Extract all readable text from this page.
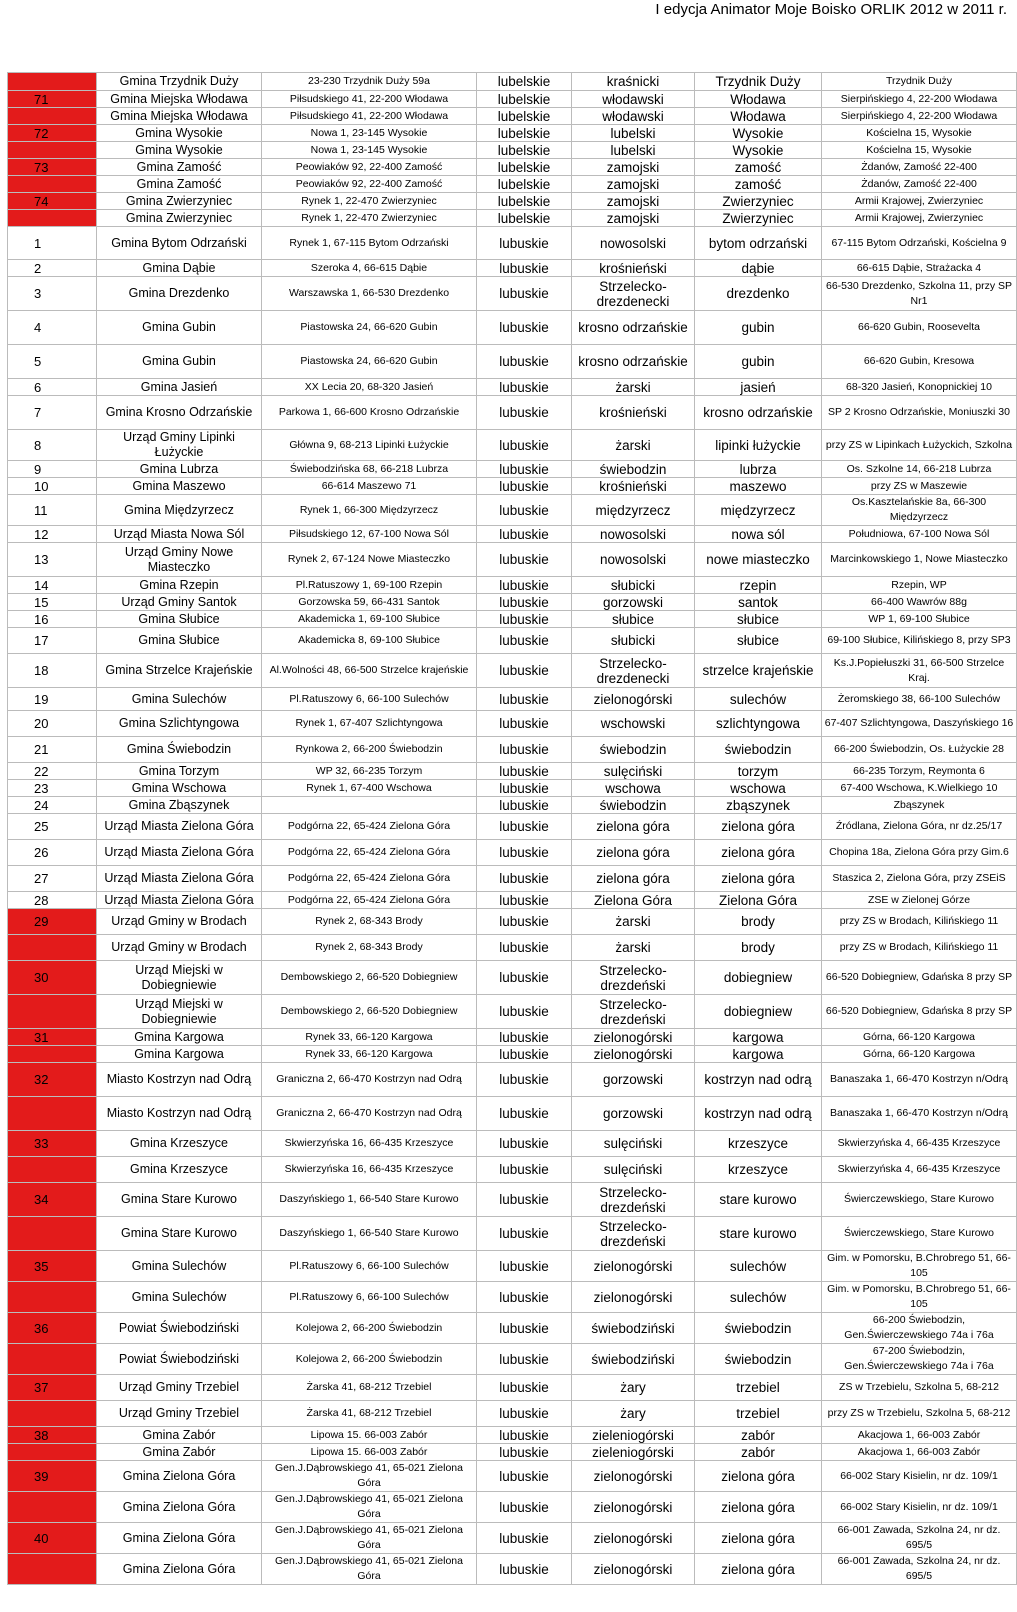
I edycja Animator Moje Boisko ORLIK 2012 w 2011 r.
	Gmina Trzydnik Duży	23-230 Trzydnik Duży 59a	lubelskie	kraśnicki	Trzydnik Duży	Trzydnik Duży
71	Gmina Miejska Włodawa	Piłsudskiego 41, 22-200 Włodawa	lubelskie	włodawski	Włodawa	Sierpińskiego 4, 22-200 Włodawa
	Gmina Miejska Włodawa	Piłsudskiego 41, 22-200 Włodawa	lubelskie	włodawski	Włodawa	Sierpińskiego 4, 22-200 Włodawa
72	Gmina Wysokie	Nowa 1, 23-145 Wysokie	lubelskie	lubelski	Wysokie	Kościelna 15, Wysokie
	Gmina Wysokie	Nowa 1, 23-145 Wysokie	lubelskie	lubelski	Wysokie	Kościelna 15, Wysokie
73	Gmina Zamość	Peowiaków 92, 22-400 Zamość	lubelskie	zamojski	zamość	Żdanów, Zamość 22-400
	Gmina Zamość	Peowiaków 92, 22-400 Zamość	lubelskie	zamojski	zamość	Żdanów, Zamość 22-400
74	Gmina Zwierzyniec	Rynek 1, 22-470 Zwierzyniec	lubelskie	zamojski	Zwierzyniec	Armii Krajowej, Zwierzyniec
	Gmina Zwierzyniec	Rynek 1, 22-470 Zwierzyniec	lubelskie	zamojski	Zwierzyniec	Armii Krajowej, Zwierzyniec
1	Gmina Bytom Odrzański	Rynek 1, 67-115 Bytom Odrzański	lubuskie	nowosolski	bytom odrzański	67-115 Bytom Odrzański, Kościelna 9
2	Gmina Dąbie	Szeroka 4, 66-615 Dąbie	lubuskie	krośnieński	dąbie	66-615 Dąbie, Strażacka 4
3	Gmina Drezdenko	Warszawska 1, 66-530 Drezdenko	lubuskie	Strzelecko-drezdenecki	drezdenko	66-530 Drezdenko, Szkolna 11, przy SP Nr1
4	Gmina Gubin	Piastowska 24, 66-620 Gubin	lubuskie	krosno odrzańskie	gubin	66-620 Gubin, Roosevelta
5	Gmina Gubin	Piastowska 24, 66-620 Gubin	lubuskie	krosno odrzańskie	gubin	66-620 Gubin, Kresowa
6	Gmina Jasień	XX Lecia 20, 68-320 Jasień	lubuskie	żarski	jasień	68-320 Jasień, Konopnickiej 10
7	Gmina Krosno Odrzańskie	Parkowa 1, 66-600 Krosno Odrzańskie	lubuskie	krośnieński	krosno odrzańskie	SP 2 Krosno Odrzańskie, Moniuszki 30
8	Urząd Gminy Lipinki Łużyckie	Główna 9, 68-213 Lipinki Łużyckie	lubuskie	żarski	lipinki łużyckie	przy ZS w Lipinkach Łużyckich, Szkolna
9	Gmina Lubrza	Świebodzińska 68, 66-218 Lubrza	lubuskie	świebodzin	lubrza	Os. Szkolne 14, 66-218 Lubrza
10	Gmina Maszewo	66-614 Maszewo 71	lubuskie	krośnieński	maszewo	przy ZS w Maszewie
11	Gmina Międzyrzecz	Rynek 1, 66-300 Międzyrzecz	lubuskie	międzyrzecz	międzyrzecz	Os.Kasztelańskie 8a, 66-300 Międzyrzecz
12	Urząd Miasta Nowa Sól	Piłsudskiego 12, 67-100 Nowa Sól	lubuskie	nowosolski	nowa sól	Południowa, 67-100 Nowa Sól
13	Urząd Gminy Nowe Miasteczko	Rynek 2, 67-124 Nowe Miasteczko	lubuskie	nowosolski	nowe miasteczko	Marcinkowskiego 1, Nowe Miasteczko
14	Gmina Rzepin	Pl.Ratuszowy 1, 69-100 Rzepin	lubuskie	słubicki	rzepin	Rzepin, WP
15	Urząd Gminy Santok	Gorzowska 59, 66-431 Santok	lubuskie	gorzowski	santok	66-400 Wawrów 88g
16	Gmina Słubice	Akademicka 1, 69-100 Słubice	lubuskie	słubice	słubice	WP 1, 69-100 Słubice
17	Gmina Słubice	Akademicka 8, 69-100 Słubice	lubuskie	słubicki	słubice	69-100 Słubice, Kilińskiego 8, przy SP3
18	Gmina Strzelce Krajeńskie	Al.Wolności 48, 66-500 Strzelce krajeńskie	lubuskie	Strzelecko-drezdenecki	strzelce krajeńskie	Ks.J.Popiełuszki 31, 66-500 Strzelce Kraj.
19	Gmina Sulechów	Pl.Ratuszowy 6, 66-100 Sulechów	lubuskie	zielonogórski	sulechów	Żeromskiego 38, 66-100 Sulechów
20	Gmina Szlichtyngowa	Rynek 1, 67-407 Szlichtyngowa	lubuskie	wschowski	szlichtyngowa	67-407 Szlichtyngowa, Daszyńskiego 16
21	Gmina Świebodzin	Rynkowa 2, 66-200 Świebodzin	lubuskie	świebodzin	świebodzin	66-200 Świebodzin, Os. Łużyckie 28
22	Gmina Torzym	WP 32, 66-235 Torzym	lubuskie	sulęciński	torzym	66-235 Torzym, Reymonta 6
23	Gmina Wschowa	Rynek 1, 67-400 Wschowa	lubuskie	wschowa	wschowa	67-400 Wschowa, K.Wielkiego 10
24	Gmina Zbąszynek		lubuskie	świebodzin	zbąszynek	Zbąszynek
25	Urząd Miasta Zielona Góra	Podgórna 22, 65-424 Zielona Góra	lubuskie	zielona góra	zielona góra	Źródlana, Zielona Góra, nr dz.25/17
26	Urząd Miasta Zielona Góra	Podgórna 22, 65-424 Zielona Góra	lubuskie	zielona góra	zielona góra	Chopina 18a, Zielona Góra przy Gim.6
27	Urząd Miasta Zielona Góra	Podgórna 22, 65-424 Zielona Góra	lubuskie	zielona góra	zielona góra	Staszica 2, Zielona Góra, przy ZSEiS
28	Urząd Miasta Zielona Góra	Podgórna 22, 65-424 Zielona Góra	lubuskie	Zielona Góra	Zielona Góra	ZSE w Zielonej Górze
29	Urząd Gminy w Brodach	Rynek 2, 68-343 Brody	lubuskie	żarski	brody	przy ZS w Brodach, Kilińskiego 11
	Urząd Gminy w Brodach	Rynek 2, 68-343 Brody	lubuskie	żarski	brody	przy ZS w Brodach, Kilińskiego 11
30	Urząd Miejski w Dobiegniewie	Dembowskiego 2, 66-520 Dobiegniew	lubuskie	Strzelecko-drezdeński	dobiegniew	66-520 Dobiegniew, Gdańska 8 przy SP
	Urząd Miejski w Dobiegniewie	Dembowskiego 2, 66-520 Dobiegniew	lubuskie	Strzelecko-drezdeński	dobiegniew	66-520 Dobiegniew, Gdańska 8 przy SP
31	Gmina Kargowa	Rynek 33, 66-120 Kargowa	lubuskie	zielonogórski	kargowa	Górna, 66-120 Kargowa
	Gmina Kargowa	Rynek 33, 66-120 Kargowa	lubuskie	zielonogórski	kargowa	Górna, 66-120 Kargowa
32	Miasto Kostrzyn nad Odrą	Graniczna 2, 66-470 Kostrzyn nad Odrą	lubuskie	gorzowski	kostrzyn nad odrą	Banaszaka 1, 66-470 Kostrzyn n/Odrą
	Miasto Kostrzyn nad Odrą	Graniczna 2, 66-470 Kostrzyn nad Odrą	lubuskie	gorzowski	kostrzyn nad odrą	Banaszaka 1, 66-470 Kostrzyn n/Odrą
33	Gmina Krzeszyce	Skwierzyńska 16, 66-435 Krzeszyce	lubuskie	sulęciński	krzeszyce	Skwierzyńska 4, 66-435 Krzeszyce
	Gmina Krzeszyce	Skwierzyńska 16, 66-435 Krzeszyce	lubuskie	sulęciński	krzeszyce	Skwierzyńska 4, 66-435 Krzeszyce
34	Gmina Stare Kurowo	Daszyńskiego 1, 66-540 Stare Kurowo	lubuskie	Strzelecko-drezdeński	stare kurowo	Świerczewskiego, Stare Kurowo
	Gmina Stare Kurowo	Daszyńskiego 1, 66-540 Stare Kurowo	lubuskie	Strzelecko-drezdeński	stare kurowo	Świerczewskiego, Stare Kurowo
35	Gmina Sulechów	Pl.Ratuszowy 6, 66-100 Sulechów	lubuskie	zielonogórski	sulechów	Gim. w Pomorsku, B.Chrobrego 51, 66-105
	Gmina Sulechów	Pl.Ratuszowy 6, 66-100 Sulechów	lubuskie	zielonogórski	sulechów	Gim. w Pomorsku, B.Chrobrego 51, 66-105
36	Powiat Świebodziński	Kolejowa 2, 66-200 Świebodzin	lubuskie	świebodziński	świebodzin	66-200 Świebodzin, Gen.Świerczewskiego 74a i 76a
	Powiat Świebodziński	Kolejowa 2, 66-200 Świebodzin	lubuskie	świebodziński	świebodzin	67-200 Świebodzin, Gen.Świerczewskiego 74a i 76a
37	Urząd Gminy Trzebiel	Żarska 41, 68-212 Trzebiel	lubuskie	żary	trzebiel	ZS w Trzebielu, Szkolna 5, 68-212
	Urząd Gminy Trzebiel	Żarska 41, 68-212 Trzebiel	lubuskie	żary	trzebiel	przy ZS w Trzebielu, Szkolna 5, 68-212
38	Gmina Zabór	Lipowa 15. 66-003 Zabór	lubuskie	zieleniogórski	zabór	Akacjowa 1, 66-003 Zabór
	Gmina Zabór	Lipowa 15. 66-003 Zabór	lubuskie	zieleniogórski	zabór	Akacjowa 1, 66-003 Zabór
39	Gmina Zielona Góra	Gen.J.Dąbrowskiego 41, 65-021 Zielona Góra	lubuskie	zielonogórski	zielona góra	66-002 Stary Kisielin, nr dz. 109/1
	Gmina Zielona Góra	Gen.J.Dąbrowskiego 41, 65-021 Zielona Góra	lubuskie	zielonogórski	zielona góra	66-002 Stary Kisielin, nr dz. 109/1
40	Gmina Zielona Góra	Gen.J.Dąbrowskiego 41, 65-021 Zielona Góra	lubuskie	zielonogórski	zielona góra	66-001 Zawada, Szkolna 24, nr dz. 695/5
	Gmina Zielona Góra	Gen.J.Dąbrowskiego 41, 65-021 Zielona Góra	lubuskie	zielonogórski	zielona góra	66-001 Zawada, Szkolna 24, nr dz. 695/5
